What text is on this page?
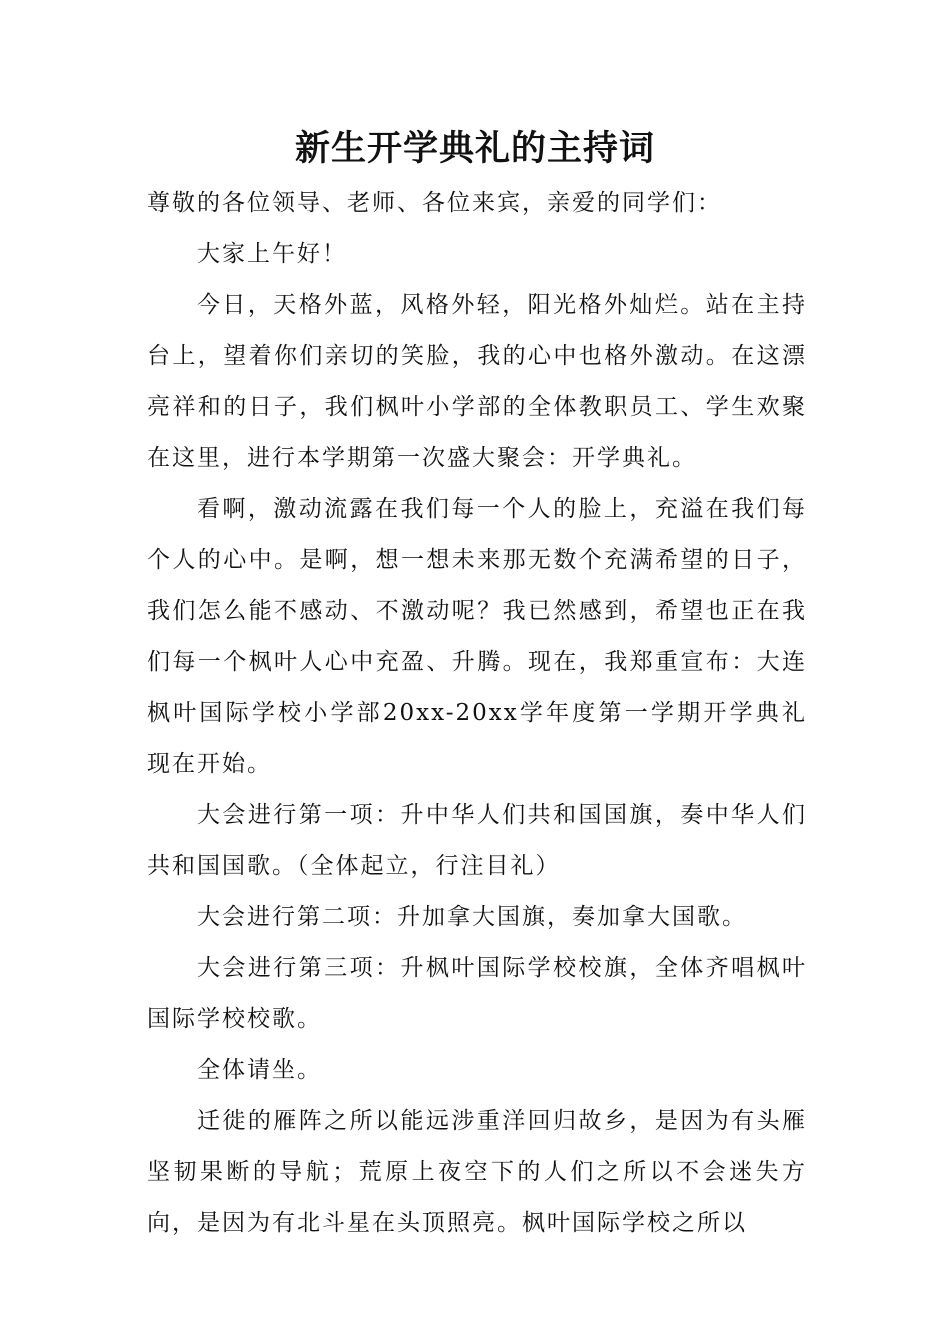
新生开学典礼的主持词

尊敬的各位领导、老师、各位来宾，亲爱的同学们：

大家上午好！

今日，天格外蓝，风格外轻，阳光格外灿烂。站在主持台上，望着你们亲切的笑脸，我的心中也格外激动。在这漂亮祥和的日子，我们枫叶小学部的全体教职员工、学生欢聚在这里，进行本学期第一次盛大聚会：开学典礼。

看啊，激动流露在我们每一个人的脸上，充溢在我们每个人的心中。是啊，想一想未来那无数个充满希望的日子，我们怎么能不感动、不激动呢？我已然感到，希望也正在我们每一个枫叶人心中充盈、升腾。现在，我郑重宣布：大连枫叶国际学校小学部20xx-20xx学年度第一学期开学典礼现在开始。

大会进行第一项：升中华人们共和国国旗，奏中华人们共和国国歌。（全体起立，行注目礼）

大会进行第二项：升加拿大国旗，奏加拿大国歌。

大会进行第三项：升枫叶国际学校校旗，全体齐唱枫叶国际学校校歌。

全体请坐。

迁徙的雁阵之所以能远涉重洋回归故乡，是因为有头雁坚韧果断的导航；荒原上夜空下的人们之所以不会迷失方向，是因为有北斗星在头顶照亮。枫叶国际学校之所以
